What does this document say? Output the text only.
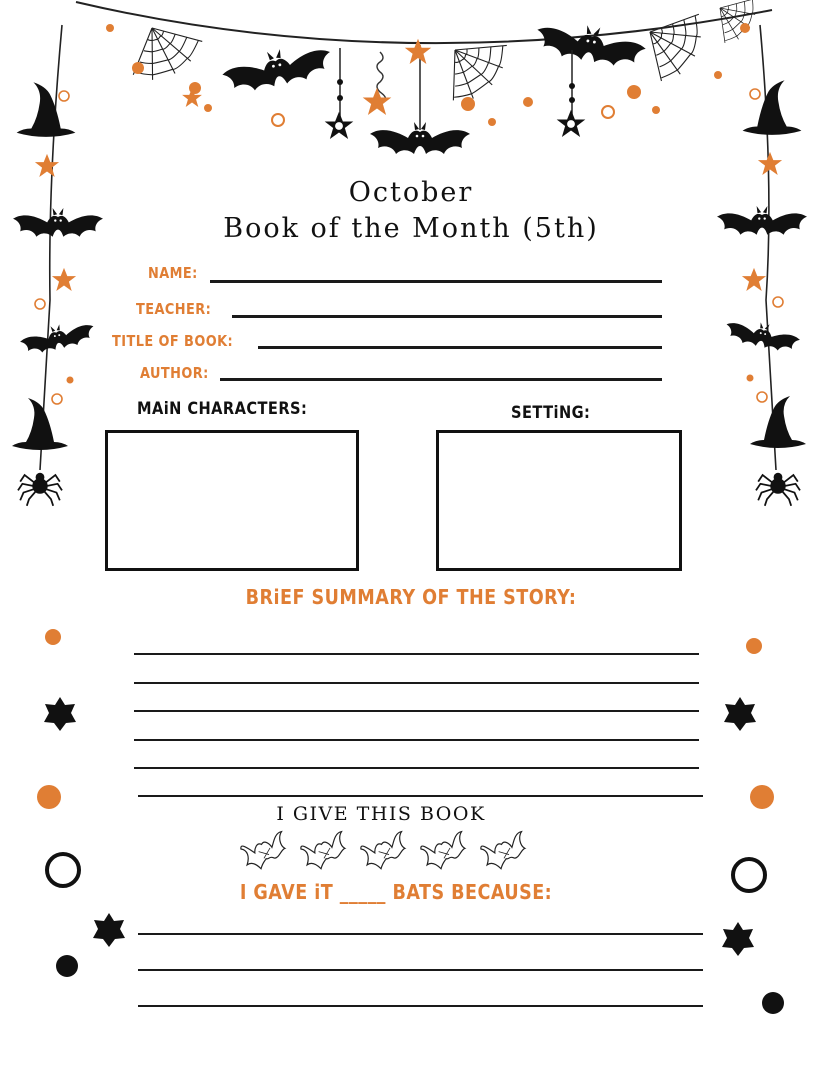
October
Book of the Month (5th)
NAME:
TEACHER:
TITLE OF BOOK:
AUTHOR:
MAiN CHARACTERS:	SETTiNG:
BRiEF SUMMARY OF THE STORY:
I GIVE THIS BOOK
I GAVE iT _____ BATS BECAUSE:
